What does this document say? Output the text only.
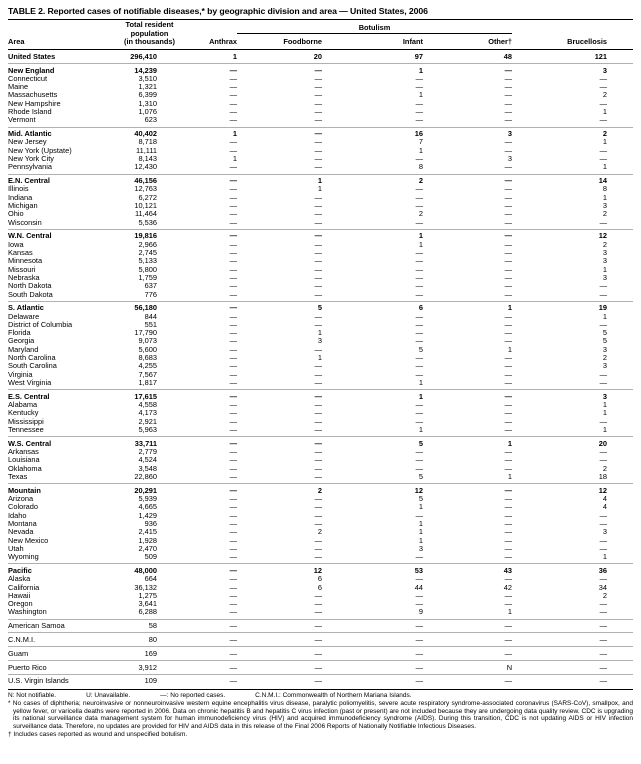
TABLE 2. Reported cases of notifiable diseases,* by geographic division and area — United States, 2006
Area	Total resident
population
(in thousands)	Anthrax	Botulism			Brucellosis
			Foodborne	Infant	Other†	
United States	296,410	1	20	97	48	121
New England	14,239	—	—	1	—	3
Connecticut	3,510	—	—	—	—	—
Maine	1,321	—	—	—	—	—
Massachusetts	6,399	—	—	1	—	2
New Hampshire	1,310	—	—	—	—	—
Rhode Island	1,076	—	—	—	—	1
Vermont	623	—	—	—	—	—
Mid. Atlantic	40,402	1	—	16	3	2
New Jersey	8,718	—	—	7	—	1
New York (Upstate)	11,111	—	—	1	—	—
New York City	8,143	1	—	—	3	—
Pennsylvania	12,430	—	—	8	—	1
E.N. Central	46,156	—	1	2	—	14
Illinois	12,763	—	1	—	—	8
Indiana	6,272	—	—	—	—	1
Michigan	10,121	—	—	—	—	3
Ohio	11,464	—	—	2	—	2
Wisconsin	5,536	—	—	—	—	—
W.N. Central	19,816	—	—	1	—	12
Iowa	2,966	—	—	1	—	2
Kansas	2,745	—	—	—	—	3
Minnesota	5,133	—	—	—	—	3
Missouri	5,800	—	—	—	—	1
Nebraska	1,759	—	—	—	—	3
North Dakota	637	—	—	—	—	—
South Dakota	776	—	—	—	—	—
S. Atlantic	56,180	—	5	6	1	19
Delaware	844	—	—	—	—	1
District of Columbia	551	—	—	—	—	—
Florida	17,790	—	1	—	—	5
Georgia	9,073	—	3	—	—	5
Maryland	5,600	—	—	5	1	3
North Carolina	8,683	—	1	—	—	2
South Carolina	4,255	—	—	—	—	3
Virginia	7,567	—	—	—	—	—
West Virginia	1,817	—	—	1	—	—
E.S. Central	17,615	—	—	1	—	3
Alabama	4,558	—	—	—	—	1
Kentucky	4,173	—	—	—	—	1
Mississippi	2,921	—	—	—	—	—
Tennessee	5,963	—	—	1	—	1
W.S. Central	33,711	—	—	5	1	20
Arkansas	2,779	—	—	—	—	—
Louisiana	4,524	—	—	—	—	—
Oklahoma	3,548	—	—	—	—	2
Texas	22,860	—	—	5	1	18
Mountain	20,291	—	2	12	—	12
Arizona	5,939	—	—	5	—	4
Colorado	4,665	—	—	1	—	4
Idaho	1,429	—	—	—	—	—
Montana	936	—	—	1	—	—
Nevada	2,415	—	2	1	—	3
New Mexico	1,928	—	—	1	—	—
Utah	2,470	—	—	3	—	—
Wyoming	509	—	—	—	—	1
Pacific	48,000	—	12	53	43	36
Alaska	664	—	6	—	—	—
California	36,132	—	6	44	42	34
Hawaii	1,275	—	—	—	—	2
Oregon	3,641	—	—	—	—	—
Washington	6,288	—	—	9	1	—
American Samoa	58	—	—	—	—	—
C.N.M.I.	80	—	—	—	—	—
Guam	169	—	—	—	—	—
Puerto Rico	3,912	—	—	—	N	—
U.S. Virgin Islands	109	—	—	—	—	—
N: Not notifiable.	U: Unavailable.	—: No reported cases.	C.N.M.I.: Commonwealth of Northern Mariana Islands.
* No cases of diphtheria; neuroinvasive or nonneuroinvasive western equine encephalitis virus disease, paralytic poliomyelitis, severe acute respiratory syndrome-associated coronavirus (SARS-CoV), smallpox, and yellow fever, or varicella deaths were reported in 2006. Data on chronic hepatitis B and hepatitis C virus infection (past or present) are not included because they are undergoing data quality review. CDC is upgrading its national surveillance data management system for human immunodeficiency virus (HIV) and acquired immunodeficiency syndrome (AIDS). During this transition, CDC is not updating AIDS or HIV infection surveillance data. Therefore, no updates are provided for HIV and AIDS data in this release of the Final 2006 Reports of Nationally Notifiable Infectious Diseases.
† Includes cases reported as wound and unspecified botulism.
